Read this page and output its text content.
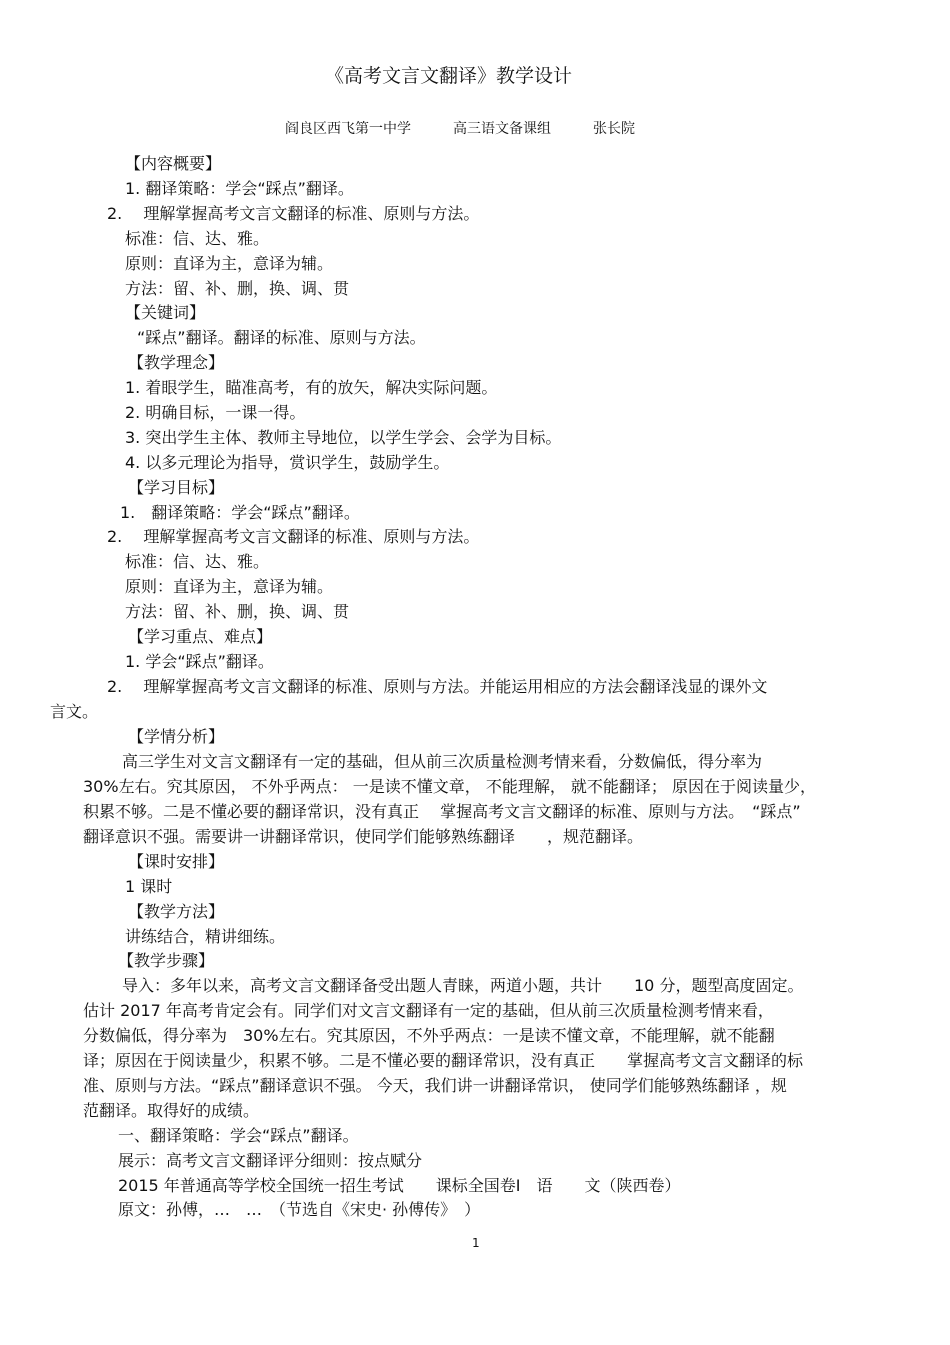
《高考文言文翻译》教学设计
阎良区西飞第一中学　　　高三语文备课组　　　张长院
【内容概要】
1. 翻译策略：学会“踩点”翻译。
2.　 理解掌握高考文言文翻译的标准、原则与方法。
标准：信、达、雅。
原则：直译为主，意译为辅。
方法：留、补、删，换、调、贯
【关键词】
“踩点”翻译。翻译的标准、原则与方法。
【教学理念】
1. 着眼学生，瞄准高考，有的放矢，解决实际问题。
2. 明确目标，一课一得。
3. 突出学生主体、教师主导地位，以学生学会、会学为目标。
4. 以多元理论为指导，赏识学生，鼓励学生。
【学习目标】
1.　翻译策略：学会“踩点”翻译。
2.　 理解掌握高考文言文翻译的标准、原则与方法。
标准：信、达、雅。
原则：直译为主，意译为辅。
方法：留、补、删，换、调、贯
【学习重点、难点】
1. 学会“踩点”翻译。
2.　 理解掌握高考文言文翻译的标准、原则与方法。并能运用相应的方法会翻译浅显的课外文
言文。
【学情分析】
高三学生对文言文翻译有一定的基础，但从前三次质量检测考情来看，分数偏低，得分率为
30%左右。究其原因， 不外乎两点： 一是读不懂文章， 不能理解， 就不能翻译； 原因在于阅读量少，
积累不够。二是不懂必要的翻译常识，没有真正　 掌握高考文言文翻译的标准、原则与方法。　“踩点”
翻译意识不强。需要讲一讲翻译常识，使同学们能够熟练翻译　　，规范翻译。
【课时安排】
1 课时
【教学方法】
讲练结合，精讲细练。
【教学步骤】
导入：多年以来，高考文言文翻译备受出题人青睐，两道小题，共计　　10 分，题型高度固定。
估计 2017 年高考肯定会有。同学们对文言文翻译有一定的基础，但从前三次质量检测考情来看，
分数偏低，得分率为　30%左右。究其原因，不外乎两点：一是读不懂文章，不能理解，就不能翻
译；原因在于阅读量少，积累不够。二是不懂必要的翻译常识，没有真正　　掌握高考文言文翻译的标
准、原则与方法。“踩点”翻译意识不强。 今天，我们讲一讲翻译常识， 使同学们能够熟练翻译 ，规
范翻译。取得好的成绩。
一、翻译策略：学会“踩点”翻译。
展示：高考文言文翻译评分细则：按点赋分
2015 年普通高等学校全国统一招生考试　　课标全国卷Ⅰ　语　　文（陕西卷）
原文：孙傅，…　…　（节选自《宋史· 孙傅传》　）
1
